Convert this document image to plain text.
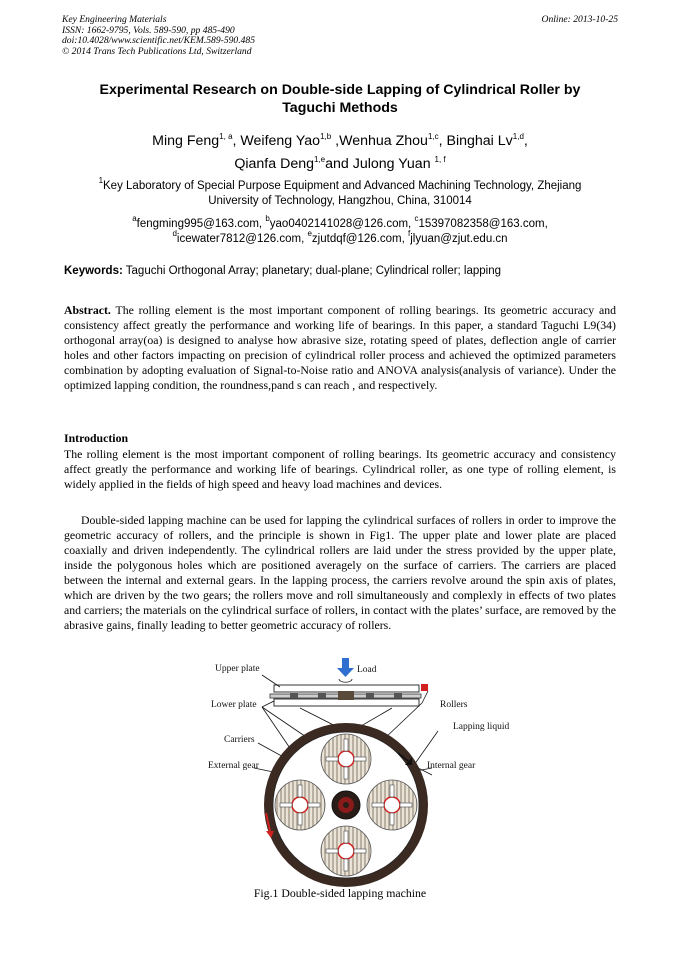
Key Engineering Materials
ISSN: 1662-9795, Vols. 589-590, pp 485-490
doi:10.4028/www.scientific.net/KEM.589-590.485
© 2014 Trans Tech Publications Ltd, Switzerland
Online: 2013-10-25
Experimental Research on Double-side Lapping of Cylindrical Roller by
Taguchi Methods
Ming Feng$^{1, a}$, Weifeng Yao$^{1,b}$ ,Wenhua Zhou$^{1,c}$, Binghai Lv$^{1,d}$,
Qianfa Deng$^{1,e}$and Julong Yuan $^{1, f}$
$^1$Key Laboratory of Special Purpose Equipment and Advanced Machining Technology, Zhejiang
University of Technology, Hangzhou, China, 310014
$^a$fengming995@163.com, $^b$yao0402141028@126.com, $^c$15397082358@163.com,
$^d$icewater7812@126.com, $^e$zjutdqf@126.com, $^f$jlyuan@zjut.edu.cn
Keywords: Taguchi Orthogonal Array; planetary; dual-plane; Cylindrical roller; lapping
Abstract. The rolling element is the most important component of rolling bearings. Its geometric accuracy and consistency affect greatly the performance and working life of bearings. In this paper, a standard Taguchi L9(34) orthogonal array(oa) is designed to analyse how abrasive size, rotating speed of plates, deflection angle of carrier holes and other factors impacting on precision of cylindrical roller process and achieved the optimized parameters combination by adopting evaluation of Signal-to-Noise ratio and ANOVA analysis(analysis of variance). Under the optimized lapping condition, the roundness,pand s can reach , and respectively.
Introduction
The rolling element is the most important component of rolling bearings. Its geometric accuracy and consistency affect greatly the performance and working life of bearings. Cylindrical roller, as one type of rolling element, is widely applied in the fields of high speed and heavy load machines and devices.
Double-sided lapping machine can be used for lapping the cylindrical surfaces of rollers in order to improve the geometric accuracy of rollers, and the principle is shown in Fig1. The upper plate and lower plate are placed coaxially and driven independently. The cylindrical rollers are laid under the stress provided by the upper plate, inside the polygonous holes which are positioned averagely on the surface of carriers. The carriers are placed between the internal and external gears. In the lapping process, the carriers revolve around the spin axis of plates, which are driven by the two gears; the rollers move and roll simultaneously and complexly in effects of two plates and carriers; the materials on the cylindrical surface of rollers, in contact with the plates’ surface, are removed by the abrasive gains, finally leading to better geometric accuracy of rollers.
Upper plate	Load
Lower plate	Rollers
Lapping liquid
Carriers
External gear	Internal gear
Fig.1 Double-sided lapping machine
